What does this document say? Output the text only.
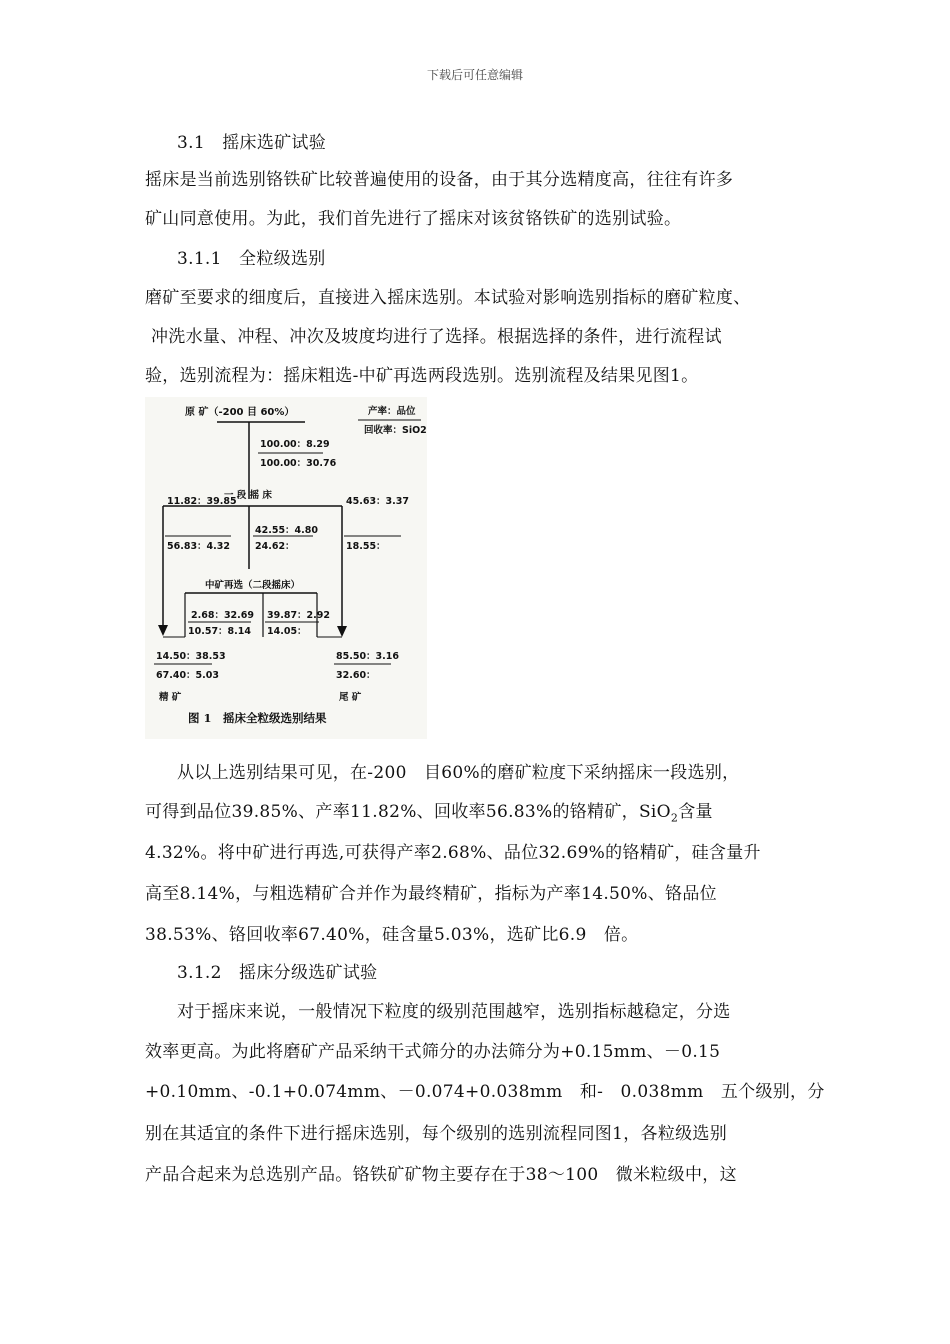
下载后可任意编辑
3.1　摇床选矿试验
摇床是当前选别铬铁矿比较普遍使用的设备，由于其分选精度高，往往有许多
矿山同意使用。为此，我们首先进行了摇床对该贫铬铁矿的选别试验。
3.1.1　全粒级选别
磨矿至要求的细度后，直接进入摇床选别。本试验对影响选别指标的磨矿粒度、
冲洗水量、冲程、冲次及坡度均进行了选择。根据选择的条件，进行流程试
验，选别流程为：摇床粗选-中矿再选两段选别。选别流程及结果见图1。
原 矿（-200 目 60%）
100.00：8.29
100.00：30.76
产率：品位
回收率：SiO2
一 段 摇 床
11.82：39.85
56.83：4.32
42.55：4.80
24.62：
45.63：3.37
18.55：
中矿再选（二段摇床）
2.68：32.69
10.57：8.14
39.87：2.92
14.05：
14.50：38.53
67.40：5.03
精 矿
85.50：3.16
32.60：
尾 矿
图 1　摇床全粒级选别结果
从以上选别结果可见，在-200　目60%的磨矿粒度下采纳摇床一段选别，
可得到品位39.85%、产率11.82%、回收率56.83%的铬精矿，SiO$_2$含量
4.32%。将中矿进行再选,可获得产率2.68%、品位32.69%的铬精矿，硅含量升
高至8.14%，与粗选精矿合并作为最终精矿，指标为产率14.50%、铬品位
38.53%、铬回收率67.40%，硅含量5.03%，选矿比6.9　倍。
3.1.2　摇床分级选矿试验
对于摇床来说，一般情况下粒度的级别范围越窄，选别指标越稳定，分选
效率更高。为此将磨矿产品采纳干式筛分的办法筛分为+0.15mm、－0.15
+0.10mm、-0.1+0.074mm、－0.074+0.038mm　和-　0.038mm　五个级别，分
别在其适宜的条件下进行摇床选别，每个级别的选别流程同图1，各粒级选别
产品合起来为总选别产品。铬铁矿矿物主要存在于38～100　微米粒级中，这
